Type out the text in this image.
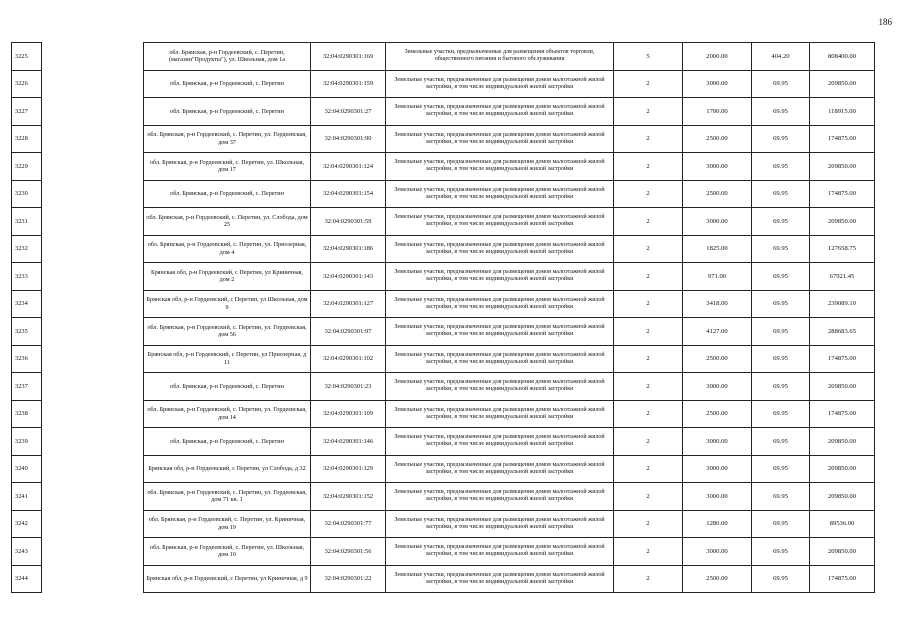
186
3225		обл. Брянская, р-н Гордеевский, с. Перетин, (магазин"Продукты"), ул. Школьная, дом 1а	32:04:0290301:169	Земельные участки, предназначенные для размещения объектов торговли, общественного питания и бытового обслуживания	5	2000.00	404.20	808400.00
3226		обл. Брянская, р-н Гордеевский, с. Перетин	32:04:0290301:159	Земельные участки, предназначенные для размещения домов малоэтажной жилой застройки, в том числе индивидуальной жилой застройки	2	3000.00	69.95	209850.00
3227		обл. Брянская, р-н Гордеевский, с. Перетин	32:04:0290301:27	Земельные участки, предназначенные для размещения домов малоэтажной жилой застройки, в том числе индивидуальной жилой застройки	2	1700.00	69.95	118915.00
3228		обл. Брянская, р-н Гордеевский, с. Перетин, ул. Гордеевская, дом 37	32:04:0290301:90	Земельные участки, предназначенные для размещения домов малоэтажной жилой застройки, в том числе индивидуальной жилой застройки	2	2500.00	69.95	174875.00
3229		обл. Брянская, р-н Гордеевский, с. Перетин, ул. Школьная, дом 17	32:04:0290301:124	Земельные участки, предназначенные для размещения домов малоэтажной жилой застройки, в том числе индивидуальной жилой застройки	2	3000.00	69.95	209850.00
3230		обл. Брянская, р-н Гордеевский, с. Перетин	32:04:0290301:154	Земельные участки, предназначенные для размещения домов малоэтажной жилой застройки, в том числе индивидуальной жилой застройки	2	2500.00	69.95	174875.00
3231		обл. Брянская, р-н Гордеевский, с. Перетин, ул. Слобода, дом 25	32:04:0290301:59	Земельные участки, предназначенные для размещения домов малоэтажной жилой застройки, в том числе индивидуальной жилой застройки	2	3000.00	69.95	209850.00
3232		обл. Брянская, р-н Гордеевский, с. Перетин, ул. Приозерная, дом 4	32:04:0290301:186	Земельные участки, предназначенные для размещения домов малоэтажной жилой застройки, в том числе индивидуальной жилой застройки	2	1825.00	69.95	127658.75
3233		Брянская обл, р-н Гордеевский, с Перетин, ул Криничная, дом 2	32:04:0290301:143	Земельные участки, предназначенные для размещения домов малоэтажной жилой застройки, в том числе индивидуальной жилой застройки	2	971.00	69.95	67921.45
3234		Брянская обл, р-н Гордеевский, с Перетин, ул Школьная, дом 9	32:04:0290301:127	Земельные участки, предназначенные для размещения домов малоэтажной жилой застройки, в том числе индивидуальной жилой застройки	2	3418.00	69.95	239089.10
3235		обл. Брянская, р-н Гордеевский, с. Перетин, ул. Гордеевская, дом 56	32:04:0290301:97	Земельные участки, предназначенные для размещения домов малоэтажной жилой застройки, в том числе индивидуальной жилой застройки	2	4127.00	69.95	288683.65
3236		Брянская обл, р-н Гордеевский, с Перетин, ул Приозерная, д 11	32:04:0290301:102	Земельные участки, предназначенные для размещения домов малоэтажной жилой застройки, в том числе индивидуальной жилой застройки	2	2500.00	69.95	174875.00
3237		обл. Брянская, р-н Гордеевский, с. Перетин	32:04:0290301:23	Земельные участки, предназначенные для размещения домов малоэтажной жилой застройки, в том числе индивидуальной жилой застройки	2	3000.00	69.95	209850.00
3238		обл. Брянская, р-н Гордеевский, с. Перетин, ул. Гордеевская, дом 14	32:04:0290301:109	Земельные участки, предназначенные для размещения домов малоэтажной жилой застройки, в том числе индивидуальной жилой застройки	2	2500.00	69.95	174875.00
3239		обл. Брянская, р-н Гордеевский, с. Перетин	32:04:0290301:146	Земельные участки, предназначенные для размещения домов малоэтажной жилой застройки, в том числе индивидуальной жилой застройки	2	3000.00	69.95	209850.00
3240		Брянская обл, р-н Гордеевский, с Перетин, ул Слобода, д 32	32:04:0290301:129	Земельные участки, предназначенные для размещения домов малоэтажной жилой застройки, в том числе индивидуальной жилой застройки	2	3000.00	69.95	209850.00
3241		обл. Брянская, р-н Гордеевский, с. Перетин, ул. Гордеевская, дом 71 кв. 1	32:04:0290301:152	Земельные участки, предназначенные для размещения домов малоэтажной жилой застройки, в том числе индивидуальной жилой застройки	2	3000.00	69.95	209850.00
3242		обл. Брянская, р-н Гордеевский, с. Перетин, ул. Криничная, дом 19	32:04:0290301:77	Земельные участки, предназначенные для размещения домов малоэтажной жилой застройки, в том числе индивидуальной жилой застройки	2	1280.00	69.95	89536.00
3243		обл. Брянская, р-н Гордеевский, с. Перетин, ул. Школьная, дом 10	32:04:0290301:56	Земельные участки, предназначенные для размещения домов малоэтажной жилой застройки, в том числе индивидуальной жилой застройки	2	3000.00	69.95	209850.00
3244		Брянская обл, р-н Гордеевский, с Перетин, ул Криничная, д 9	32:04:0290301:22	Земельные участки, предназначенные для размещения домов малоэтажной жилой застройки, в том числе индивидуальной жилой застройки	2	2500.00	69.95	174875.00
